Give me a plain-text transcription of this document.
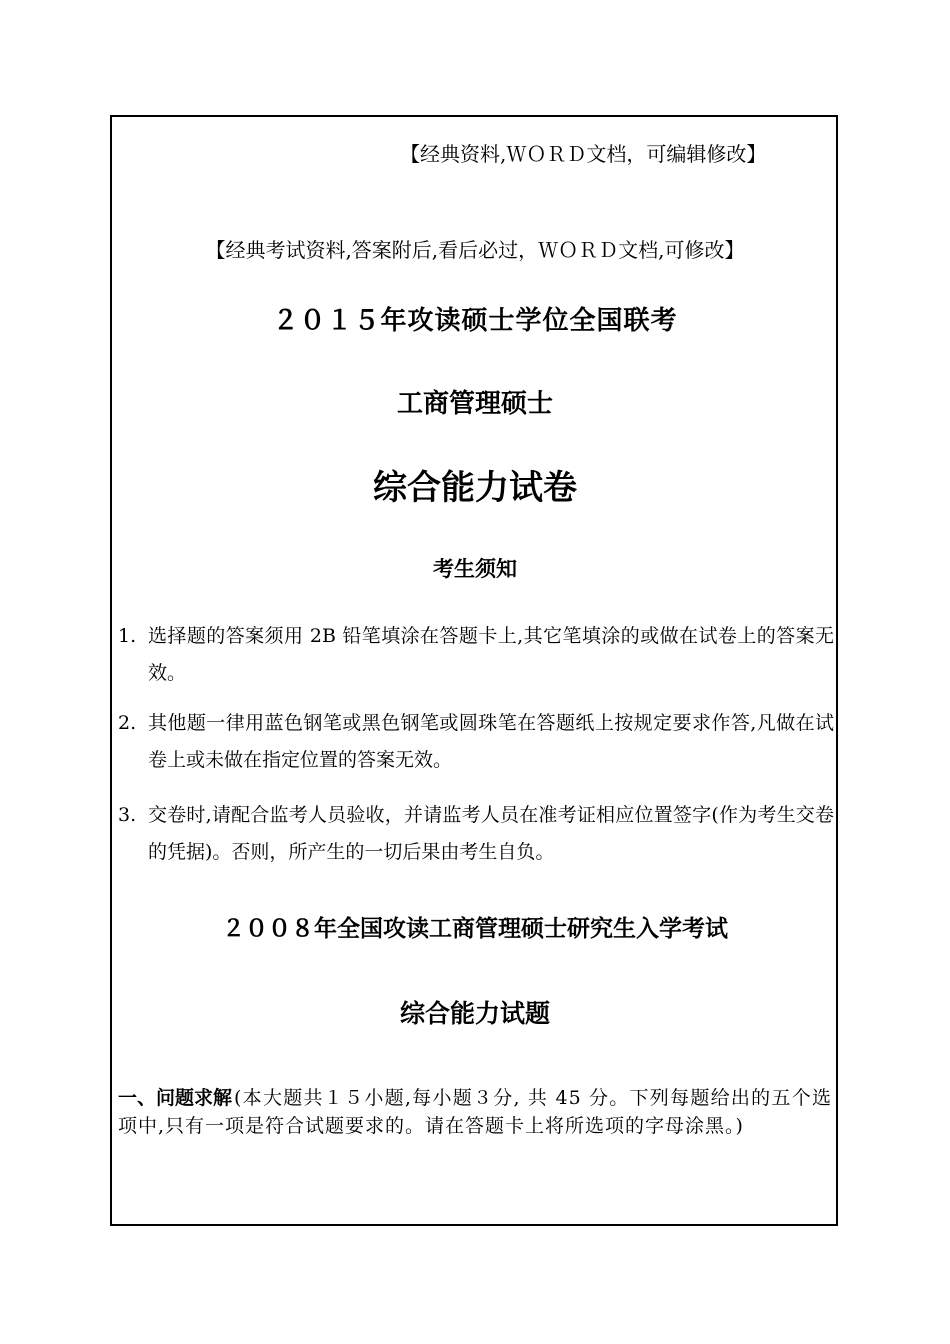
【经典资料,ＷＯＲＤ文档，可编辑修改】
【经典考试资料,答案附后,看后必过，ＷＯＲＤ文档,可修改】
２０１５年攻读硕士学位全国联考
工商管理硕士
综合能力试卷
考生须知
1. 选择题的答案须用 2B 铅笔填涂在答题卡上,其它笔填涂的或做在试卷上的答案无效。
2. 其他题一律用蓝色钢笔或黑色钢笔或圆珠笔在答题纸上按规定要求作答,凡做在试卷上或未做在指定位置的答案无效。
3. 交卷时,请配合监考人员验收，并请监考人员在准考证相应位置签字(作为考生交卷的凭据)。否则，所产生的一切后果由考生自负。
２００８年全国攻读工商管理硕士研究生入学考试
综合能力试题
一、问题求解 (本大题共１５小题,每小题３分, 共 45 分。下列每题给出的五个选项中,只有一项是符合试题要求的。请在答题卡上将所选项的字母涂黑。)
